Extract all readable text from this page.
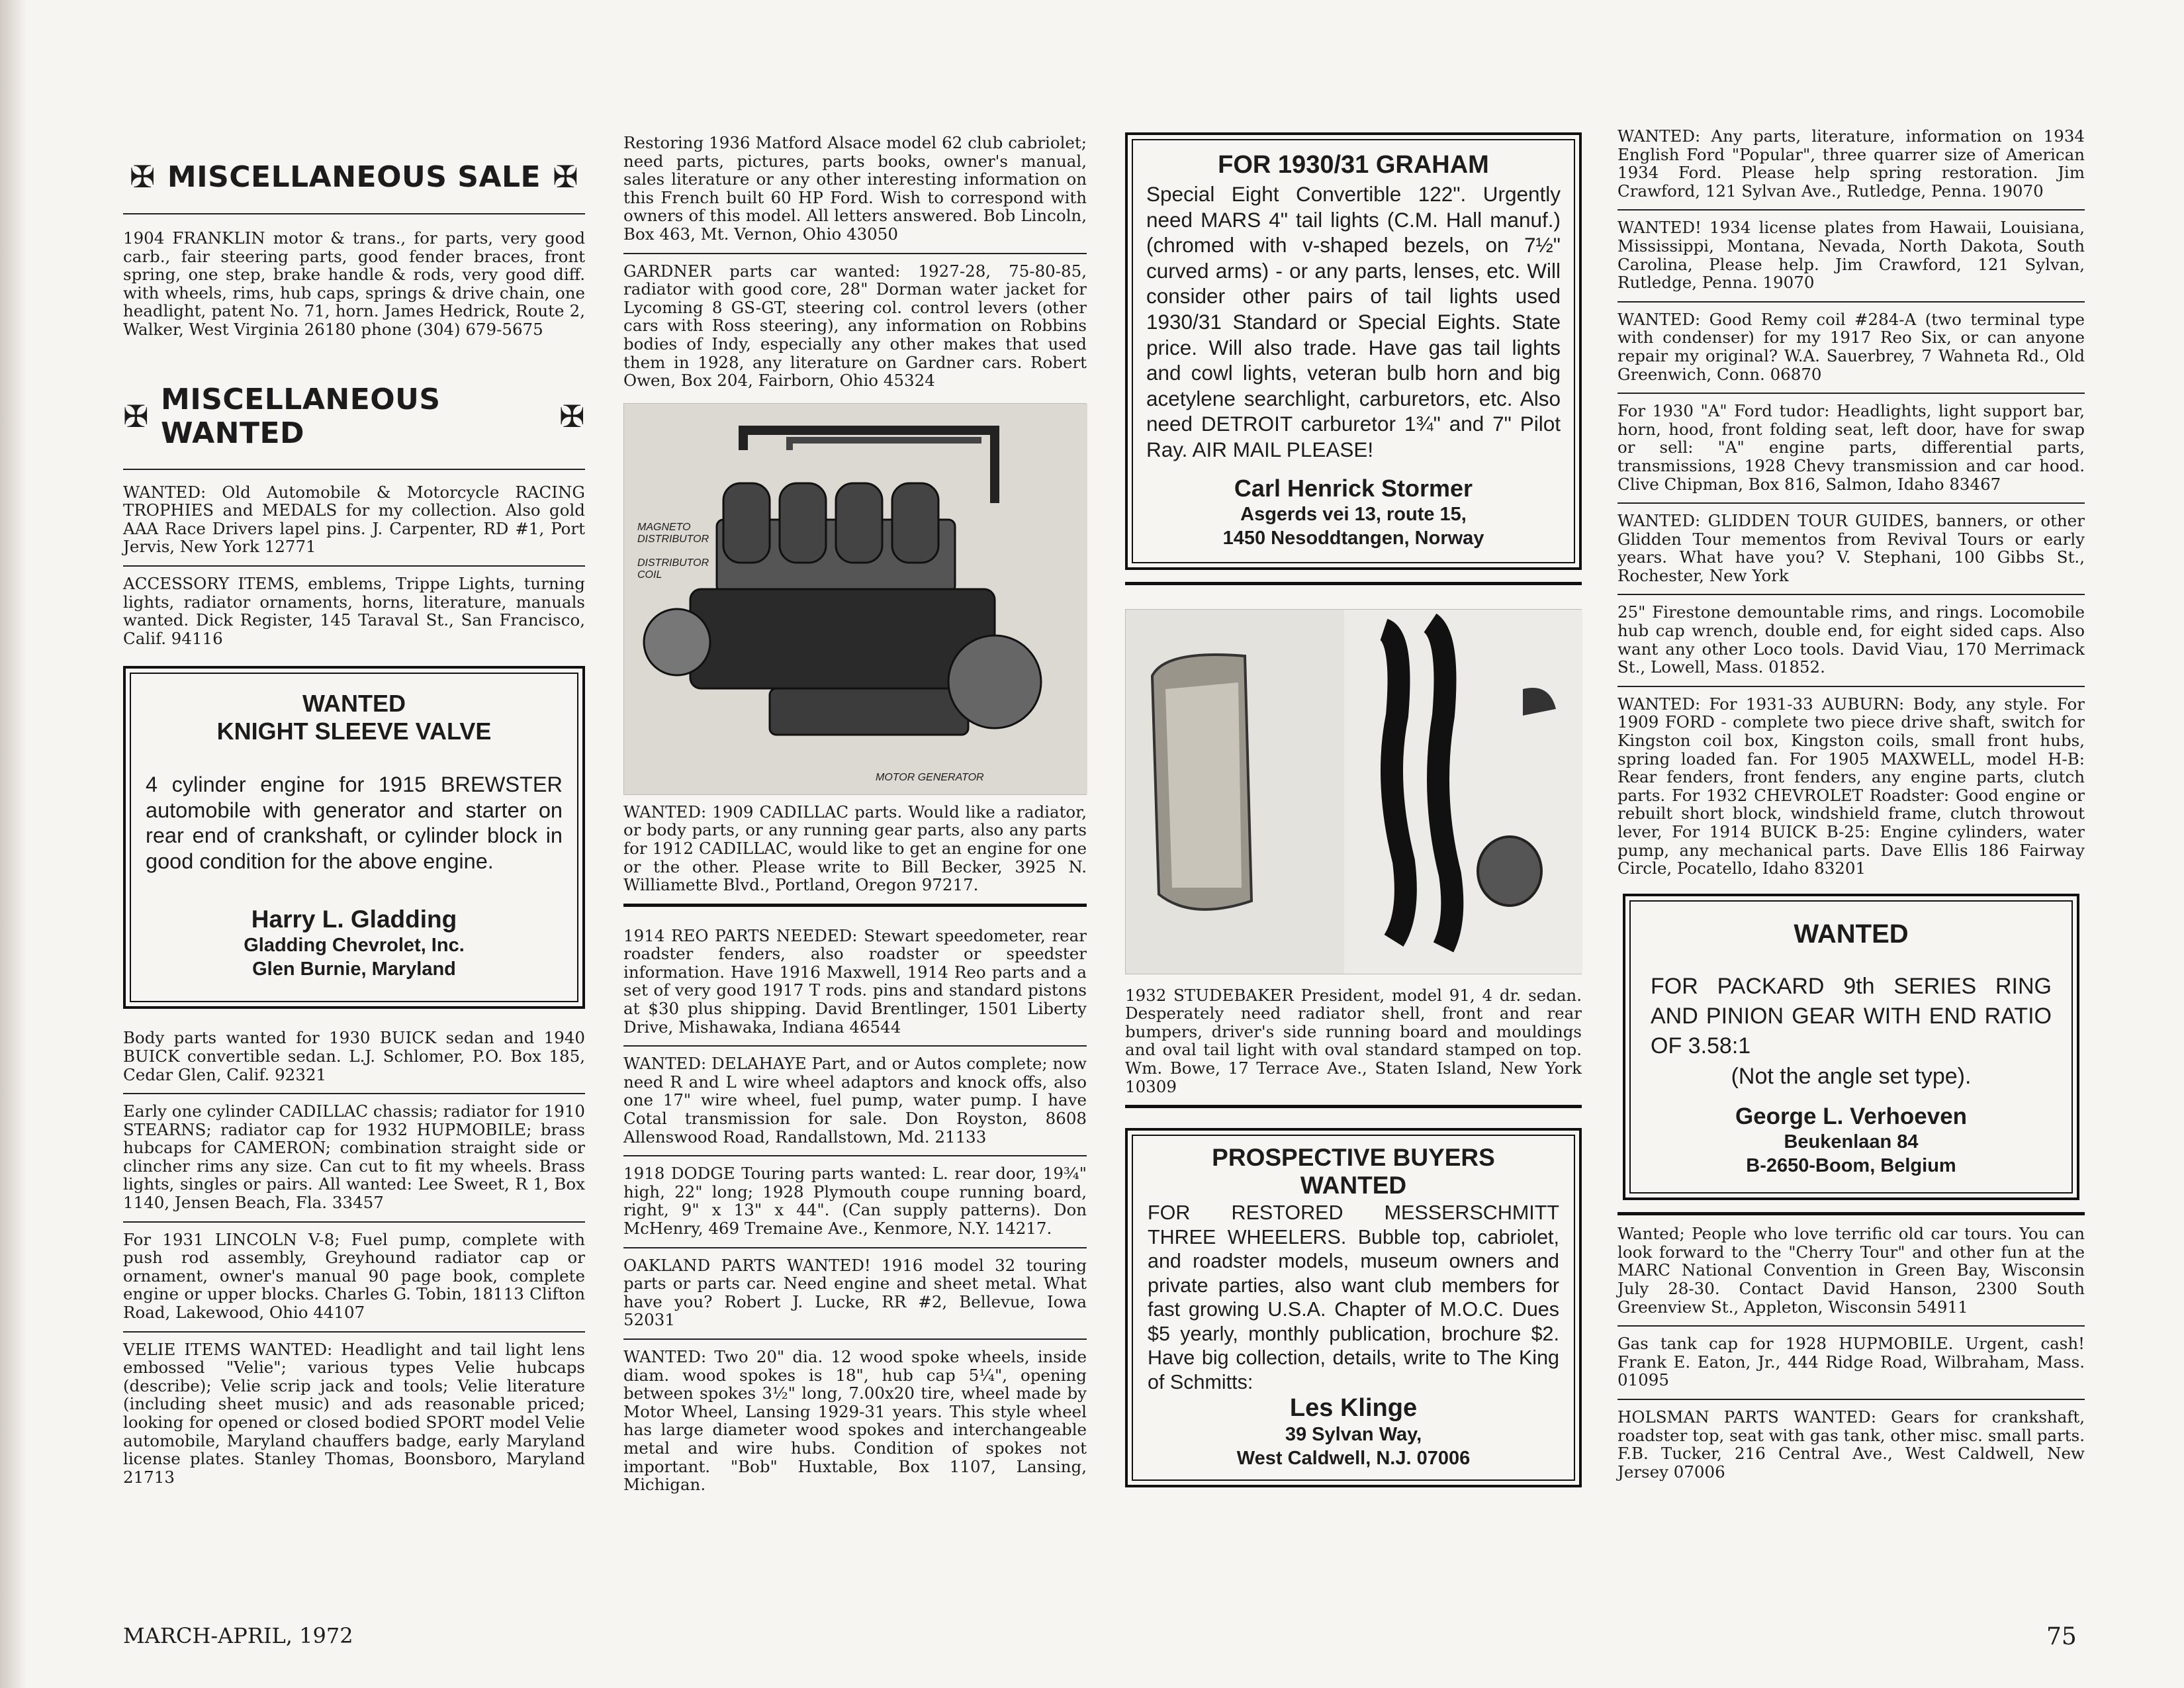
✠ MISCELLANEOUS SALE ✠
1904 FRANKLIN motor & trans., for parts, very good carb., fair steering parts, good fender braces, front spring, one step, brake handle & rods, very good diff. with wheels, rims, hub caps, springs & drive chain, one headlight, patent No. 71, horn. James Hedrick, Route 2, Walker, West Virginia 26180 phone (304) 679-5675
✠ MISCELLANEOUS WANTED	✠
WANTED: Old Automobile & Motorcycle RACING TROPHIES and MEDALS for my collection. Also gold AAA Race Drivers lapel pins. J. Carpenter, RD #1, Port Jervis, New York 12771
ACCESSORY ITEMS, emblems, Trippe Lights, turning lights, radiator ornaments, horns, literature, manuals wanted. Dick Register, 145 Taraval St., San Francisco, Calif. 94116
WANTED
KNIGHT SLEEVE VALVE
4 cylinder engine for 1915 BREWSTER automobile with generator and starter on rear end of crankshaft, or cylinder block in good condition for the above engine.
Harry L. Gladding
Gladding Chevrolet, Inc.
Glen Burnie, Maryland
Body parts wanted for 1930 BUICK sedan and 1940 BUICK convertible sedan. L.J. Schlomer, P.O. Box 185, Cedar Glen, Calif. 92321
Early one cylinder CADILLAC chassis; radiator for 1910 STEARNS; radiator cap for 1932 HUPMOBILE; brass hubcaps for CAMERON; combination straight side or clincher rims any size. Can cut to fit my wheels. Brass lights, singles or pairs. All wanted: Lee Sweet, R 1, Box 1140, Jensen Beach, Fla. 33457
For 1931 LINCOLN V-8; Fuel pump, complete with push rod assembly, Greyhound radiator cap or ornament, owner's manual 90 page book, complete engine or upper blocks. Charles G. Tobin, 18113 Clifton Road, Lakewood, Ohio 44107
VELIE ITEMS WANTED: Headlight and tail light lens embossed "Velie"; various types Velie hubcaps (describe); Velie scrip jack and tools; Velie literature (including sheet music) and ads reasonable priced; looking for opened or closed bodied SPORT model Velie automobile, Maryland chauffers badge, early Maryland license plates. Stanley Thomas, Boonsboro, Maryland 21713
Restoring 1936 Matford Alsace model 62 club cabriolet; need parts, pictures, parts books, owner's manual, sales literature or any other interesting information on this French built 60 HP Ford. Wish to correspond with owners of this model. All letters answered. Bob Lincoln, Box 463, Mt. Vernon, Ohio 43050
GARDNER parts car wanted: 1927-28, 75-80-85, radiator with good core, 28" Dorman water jacket for Lycoming 8 GS-GT, steering col. control levers (other cars with Ross steering), any information on Robbins bodies of Indy, especially any other makes that used them in 1928, any literature on Gardner cars. Robert Owen, Box 204, Fairborn, Ohio 45324
MAGNETO DISTRIBUTOR
DISTRIBUTOR COIL
MOTOR GENERATOR
WANTED: 1909 CADILLAC parts. Would like a radiator, or body parts, or any running gear parts, also any parts for 1912 CADILLAC, would like to get an engine for one or the other. Please write to Bill Becker, 3925 N. Williamette Blvd., Portland, Oregon 97217.
1914 REO PARTS NEEDED: Stewart speedometer, rear roadster fenders, also roadster or speedster information. Have 1916 Maxwell, 1914 Reo parts and a set of very good 1917 T rods. pins and standard pistons at $30 plus shipping. David Brentlinger, 1501 Liberty Drive, Mishawaka, Indiana 46544
WANTED: DELAHAYE Part, and or Autos complete; now need R and L wire wheel adaptors and knock offs, also one 17" wire wheel, fuel pump, water pump. I have Cotal transmission for sale. Don Royston, 8608 Allenswood Road, Randallstown, Md. 21133
1918 DODGE Touring parts wanted: L. rear door, 19¾" high, 22" long; 1928 Plymouth coupe running board, right, 9" x 13" x 44". (Can supply patterns). Don McHenry, 469 Tremaine Ave., Kenmore, N.Y. 14217.
OAKLAND PARTS WANTED! 1916 model 32 touring parts or parts car. Need engine and sheet metal. What have you? Robert J. Lucke, RR #2, Bellevue, Iowa 52031
WANTED: Two 20" dia. 12 wood spoke wheels, inside diam. wood spokes is 18", hub cap 5¼", opening between spokes 3½" long, 7.00x20 tire, wheel made by Motor Wheel, Lansing 1929-31 years. This style wheel has large diameter wood spokes and interchangeable metal and wire hubs. Condition of spokes not important. "Bob" Huxtable, Box 1107, Lansing, Michigan.
FOR 1930/31 GRAHAM
Special Eight Convertible 122". Urgently need MARS 4" tail lights (C.M. Hall manuf.) (chromed with v-shaped bezels, on 7½" curved arms) - or any parts, lenses, etc. Will consider other pairs of tail lights used 1930/31 Standard or Special Eights. State price. Will also trade. Have gas tail lights and cowl lights, veteran bulb horn and big acetylene searchlight, carburetors, etc. Also need DETROIT carburetor 1¾" and 7" Pilot Ray. AIR MAIL PLEASE!
Carl Henrick Stormer
Asgerds vei 13, route 15,
1450 Nesoddtangen, Norway
1932 STUDEBAKER President, model 91, 4 dr. sedan. Desperately need radiator shell, front and rear bumpers, driver's side running board and mouldings and oval tail light with oval standard stamped on top. Wm. Bowe, 17 Terrace Ave., Staten Island, New York 10309
PROSPECTIVE BUYERS
WANTED
FOR RESTORED MESSERSCHMITT THREE WHEELERS. Bubble top, cabriolet, and roadster models, museum owners and private parties, also want club members for fast growing U.S.A. Chapter of M.O.C. Dues $5 yearly, monthly publication, brochure $2. Have big collection, details, write to The King of Schmitts:
Les Klinge
39 Sylvan Way,
West Caldwell, N.J. 07006
WANTED: Any parts, literature, information on 1934 English Ford "Popular", three quarrer size of American 1934 Ford. Please help spring restoration. Jim Crawford, 121 Sylvan Ave., Rutledge, Penna. 19070
WANTED! 1934 license plates from Hawaii, Louisiana, Mississippi, Montana, Nevada, North Dakota, South Carolina, Please help. Jim Crawford, 121 Sylvan, Rutledge, Penna. 19070
WANTED: Good Remy coil #284-A (two terminal type with condenser) for my 1917 Reo Six, or can anyone repair my original? W.A. Sauerbrey, 7 Wahneta Rd., Old Greenwich, Conn. 06870
For 1930 "A" Ford tudor: Headlights, light support bar, horn, hood, front folding seat, left door, have for swap or sell: "A" engine parts, differential parts, transmissions, 1928 Chevy transmission and car hood. Clive Chipman, Box 816, Salmon, Idaho 83467
WANTED: GLIDDEN TOUR GUIDES, banners, or other Glidden Tour mementos from Revival Tours or early years. What have you? V. Stephani, 100 Gibbs St., Rochester, New York
25" Firestone demountable rims, and rings. Locomobile hub cap wrench, double end, for eight sided caps. Also want any other Loco tools. David Viau, 170 Merrimack St., Lowell, Mass. 01852.
WANTED: For 1931-33 AUBURN: Body, any style. For 1909 FORD - complete two piece drive shaft, switch for Kingston coil box, Kingston coils, small front hubs, spring loaded fan. For 1905 MAXWELL, model H-B: Rear fenders, front fenders, any engine parts, clutch parts. For 1932 CHEVROLET Roadster: Good engine or rebuilt short block, windshield frame, clutch throwout lever, For 1914 BUICK B-25: Engine cylinders, water pump, any mechanical parts. Dave Ellis 186 Fairway Circle, Pocatello, Idaho 83201
WANTED
FOR PACKARD 9th SERIES RING AND PINION GEAR WITH END RATIO OF 3.58:1
(Not the angle set type).
George L. Verhoeven
Beukenlaan 84
B-2650-Boom, Belgium
Wanted; People who love terrific old car tours. You can look forward to the "Cherry Tour" and other fun at the MARC National Convention in Green Bay, Wisconsin July 28-30. Contact David Hanson, 2300 South Greenview St., Appleton, Wisconsin 54911
Gas tank cap for 1928 HUPMOBILE. Urgent, cash! Frank E. Eaton, Jr., 444 Ridge Road, Wilbraham, Mass. 01095
HOLSMAN PARTS WANTED: Gears for crankshaft, roadster top, seat with gas tank, other misc. small parts. F.B. Tucker, 216 Central Ave., West Caldwell, New Jersey 07006
MARCH-APRIL, 1972	75
